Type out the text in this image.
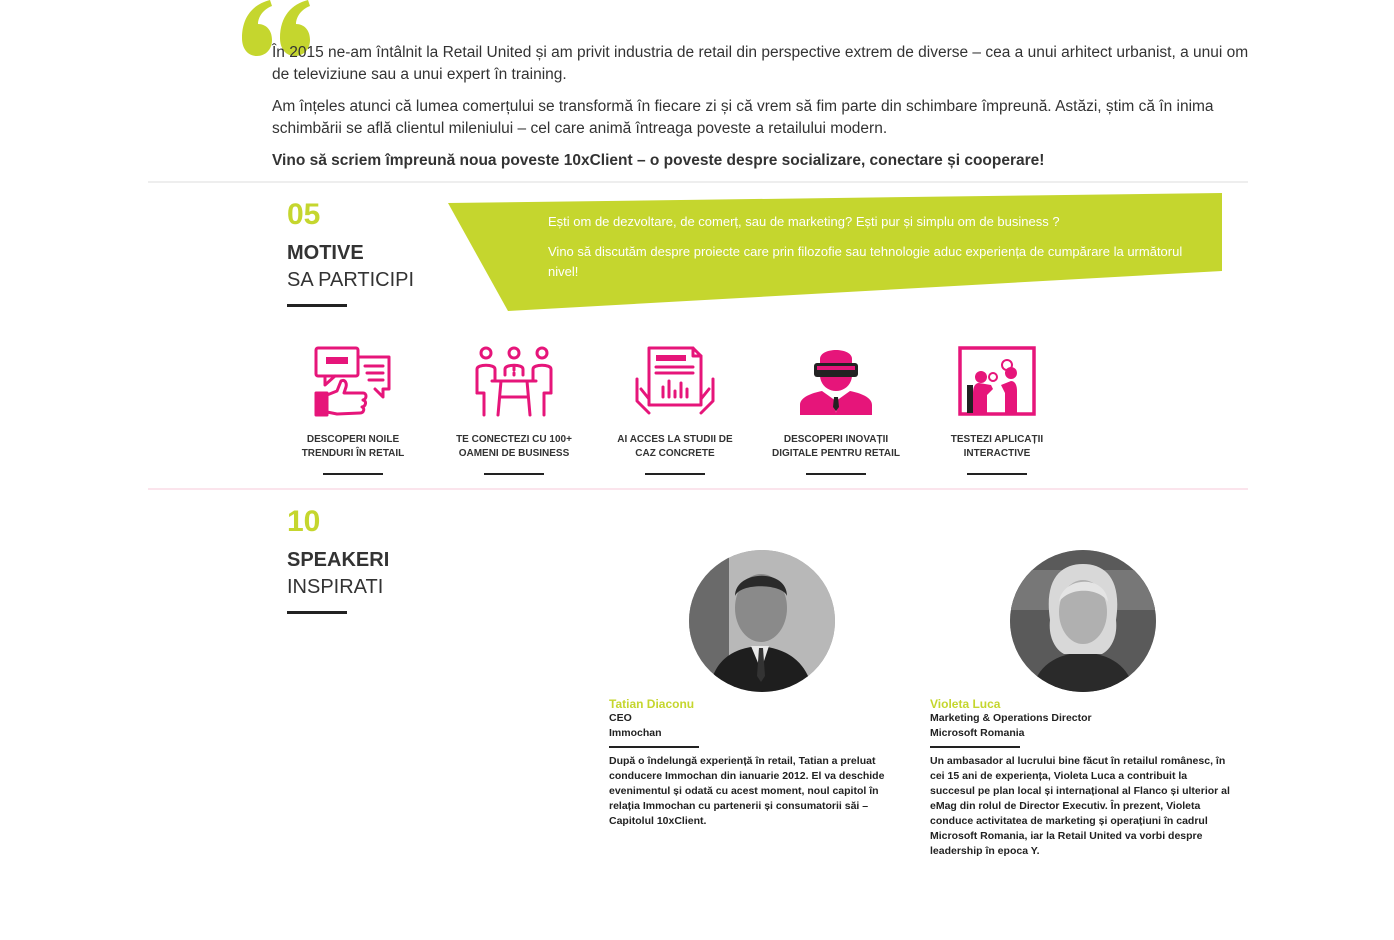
În 2015 ne-am întâlnit la Retail United și am privit industria de retail din perspective extrem de diverse – cea a unui arhitect urbanist, a unui om de televiziune sau a unui expert în training.

Am înțeles atunci că lumea comerțului se transformă în fiecare zi și că vrem să fim parte din schimbare împreună. Astăzi, știm că în inima schimbării se află clientul mileniului – cel care animă întreaga poveste a retailului modern.

Vino să scriem împreună noua poveste 10xClient – o poveste despre socializare, conectare și cooperare!

05
MOTIVE
SA PARTICIPI
Ești om de dezvoltare, de comerț, sau de marketing? Ești pur și simplu om de business ?
Vino să discutăm despre proiecte care prin filozofie sau tehnologie aduc experiența de cumpărare la următorul nivel!
DESCOPERI NOILE
TRENDURI ÎN RETAIL
TE CONECTEZI CU 100+
OAMENI DE BUSINESS
AI ACCES LA STUDII DE
CAZ CONCRETE
DESCOPERI INOVAȚII
DIGITALE PENTRU RETAIL
TESTEZI APLICAȚII
INTERACTIVE
10
SPEAKERI
INSPIRATI
Tatian Diaconu
CEO
Immochan
După o îndelungă experiență în retail, Tatian a preluat conducere Immochan din ianuarie 2012. El va deschide evenimentul și odată cu acest moment, noul capitol în relația Immochan cu partenerii și consumatorii săi – Capitolul 10xClient.
Violeta Luca
Marketing & Operations Director
Microsoft Romania
Un ambasador al lucrului bine făcut în retailul românesc, în cei 15 ani de experiența, Violeta Luca a contribuit la succesul pe plan local și internațional al Flanco și ulterior al eMag din rolul de Director Executiv. În prezent, Violeta conduce activitatea de marketing și operațiuni în cadrul Microsoft Romania, iar la Retail United va vorbi despre leadership în epoca Y.
